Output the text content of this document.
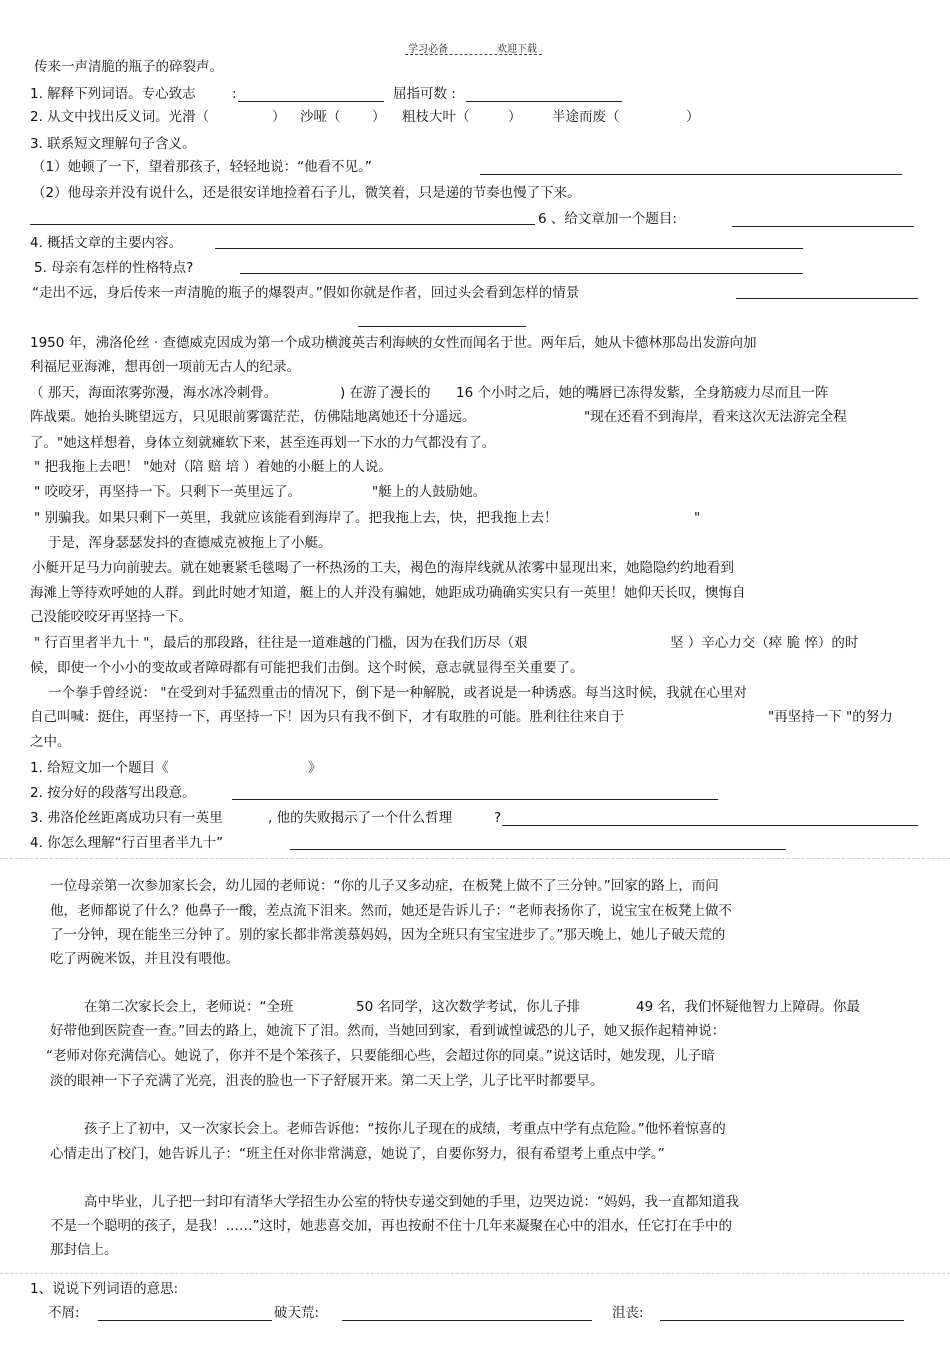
学习必备	欢迎下载
传来一声清脆的瓶子的碎裂声。
1. 解释下列词语。专心致志	:	屈指可数 :
2. 从文中找出反义词。光滑（	） 沙哑（ ） 粗枝大叶（	） 半途而废（	）
3. 联系短文理解句子含义。
（1）她顿了一下，望着那孩子，轻轻地说：“他看不见。”
（2）他母亲并没有说什么，还是很安详地捡着石子儿，微笑着，只是递的节奏也慢了下来。
6 、给文章加一个题目:
4. 概括文章的主要内容。
5. 母亲有怎样的性格特点?
“走出不远，身后传来一声清脆的瓶子的爆裂声。”假如你就是作者，回过头会看到怎样的情景
1950 年，沸洛伦丝 · 查德威克因成为第一个成功横渡英吉利海峡的女性而闻名于世。两年后，她从卡德林那岛出发游向加
利福尼亚海滩，想再创一项前无古人的纪录。
（ 那天，海面浓雾弥漫，海水冰冷刺骨。	) 在游了漫长的 16 个小时之后，她的嘴唇已冻得发紫，全身筋疲力尽而且一阵
阵战栗。她抬头眺望远方，只见眼前雾霭茫茫，仿佛陆地离她还十分遥远。	"现在还看不到海岸，看来这次无法游完全程
了。"她这样想着，身体立刻就瘫软下来，甚至连再划一下水的力气都没有了。
" 把我拖上去吧！ "她对（陪 赔 培 ）着她的小艇上的人说。
" 咬咬牙，再坚持一下。只剩下一英里远了。	"艇上的人鼓励她。
" 别骗我。如果只剩下一英里，我就应该能看到海岸了。把我拖上去，快，把我拖上去！	"
于是，浑身瑟瑟发抖的查德威克被拖上了小艇。
小艇开足马力向前驶去。就在她裹紧毛毯喝了一杯热汤的工夫，褐色的海岸线就从浓雾中显现出来，她隐隐约约地看到
海滩上等待欢呼她的人群。到此时她才知道，艇上的人并没有骗她，她距成功确确实实只有一英里！她仰天长叹，懊悔自
己没能咬咬牙再坚持一下。
" 行百里者半九十 "，最后的那段路，往往是一道难越的门槛，因为在我们历尽（艰	坚 ）辛心力交（瘁 脆 悴）的时
候，即使一个小小的变故或者障碍都有可能把我们击倒。这个时候，意志就显得至关重要了。
一个拳手曾经说： "在受到对手猛烈重击的情况下，倒下是一种解脱，或者说是一种诱惑。每当这时候，我就在心里对
自己叫喊：挺住，再坚持一下，再坚持一下！因为只有我不倒下，才有取胜的可能。胜利往往来自于	"再坚持一下 "的努力
之中。
1. 给短文加一个题目《	》
2. 按分好的段落写出段意。
3. 弗洛伦丝距离成功只有一英里	, 他的失败揭示了一个什么哲理	?
4. 你怎么理解“行百里者半九十”
一位母亲第一次参加家长会，幼儿园的老师说：“你的儿子又多动症，在板凳上做不了三分钟。”回家的路上，而问
他，老师都说了什么？他鼻子一酸，差点流下泪来。然而，她还是告诉儿子：“老师表扬你了，说宝宝在板凳上做不
了一分钟，现在能坐三分钟了。别的家长都非常羡慕妈妈，因为全班只有宝宝进步了。”那天晚上，她儿子破天荒的
吃了两碗米饭，并且没有喂他。
在第二次家长会上，老师说：“全班	50 名同学，这次数学考试，你儿子排	49 名，我们怀疑他智力上障碍。你最
好带他到医院查一查。”回去的路上，她流下了泪。然而，当她回到家，看到诚惶诚恐的儿子，她又振作起精神说：
“老师对你充满信心。她说了，你并不是个笨孩子，只要能细心些，会超过你的同桌。”说这话时，她发现，儿子暗
淡的眼神一下子充满了光亮，沮丧的脸也一下子舒展开来。第二天上学，儿子比平时都要早。
孩子上了初中，又一次家长会上。老师告诉他：“按你儿子现在的成绩，考重点中学有点危险。”他怀着惊喜的
心情走出了校门，她告诉儿子：“班主任对你非常满意，她说了，自要你努力，很有希望考上重点中学。”
高中毕业，儿子把一封印有清华大学招生办公室的特快专递交到她的手里，边哭边说：“妈妈，我一直都知道我
不是一个聪明的孩子，是我！……”这时，她悲喜交加，再也按耐不住十几年来凝聚在心中的泪水，任它打在手中的
那封信上。
1、说说下列词语的意思:
不屑:	破天荒:	沮丧:
